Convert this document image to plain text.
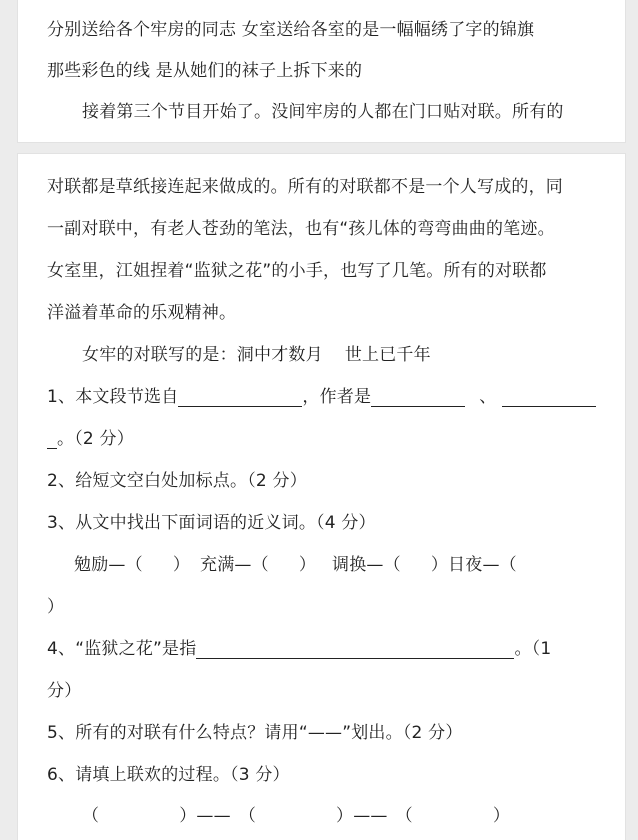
分别送给各个牢房的同志 女室送给各室的是一幅幅绣了字的锦旗
那些彩色的线 是从她们的袜子上拆下来的
接着第三个节目开始了。没间牢房的人都在门口贴对联。所有的
对联都是草纸接连起来做成的。所有的对联都不是一个人写成的，同
一副对联中，有老人苍劲的笔法，也有“孩儿体的弯弯曲曲的笔迹。
女室里，江姐捏着“监狱之花”的小手，也写了几笔。所有的对联都
洋溢着革命的乐观精神。
女牢的对联写的是：洞中才数月 世上已千年
1、本文段节选自	，作者是	、
。（2 分）
2、给短文空白处加标点。（2 分）
3、从文中找出下面词语的近义词。（4 分）
勉励—（ ） 充满—（ ） 调换—（ ）日夜—（
）
4、“监狱之花”是指	。（1
分）
5、所有的对联有什么特点？请用“——”划出。（2 分）
6、请填上联欢的过程。（3 分）
（	）—— （	）—— （	）
